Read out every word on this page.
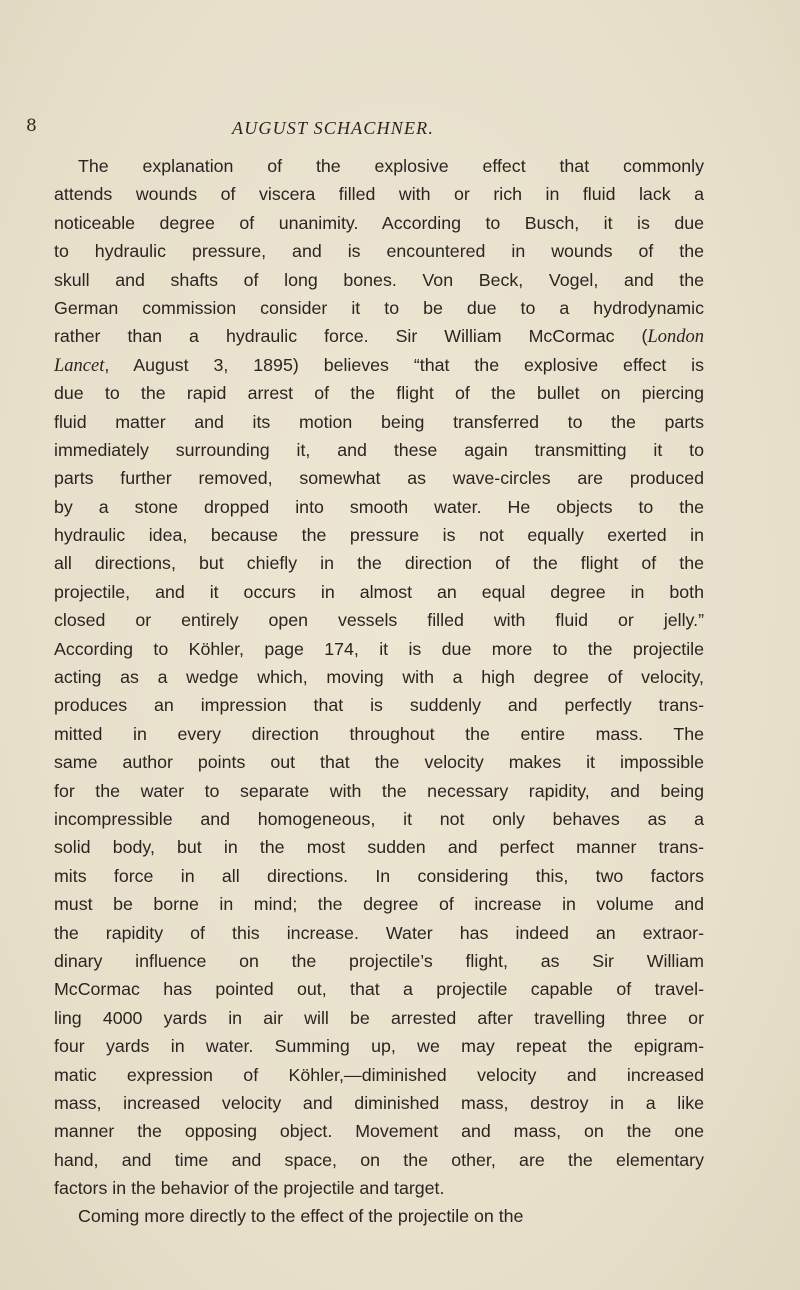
8	AUGUST SCHACHNER.
The explanation of the explosive effect that commonly
attends wounds of viscera filled with or rich in fluid lack a
noticeable degree of unanimity. According to Busch, it is due
to hydraulic pressure, and is encountered in wounds of the
skull and shafts of long bones. Von Beck, Vogel, and the
German commission consider it to be due to a hydrodynamic
rather than a hydraulic force. Sir William McCormac (London
Lancet, August 3, 1895) believes “that the explosive effect is
due to the rapid arrest of the flight of the bullet on piercing
fluid matter and its motion being transferred to the parts
immediately surrounding it, and these again transmitting it to
parts further removed, somewhat as wave-circles are produced
by a stone dropped into smooth water. He objects to the
hydraulic idea, because the pressure is not equally exerted in
all directions, but chiefly in the direction of the flight of the
projectile, and it occurs in almost an equal degree in both
closed or entirely open vessels filled with fluid or jelly.”
According to Köhler, page 174, it is due more to the projectile
acting as a wedge which, moving with a high degree of velocity,
produces an impression that is suddenly and perfectly trans-
mitted in every direction throughout the entire mass. The
same author points out that the velocity makes it impossible
for the water to separate with the necessary rapidity, and being
incompressible and homogeneous, it not only behaves as a
solid body, but in the most sudden and perfect manner trans-
mits force in all directions. In considering this, two factors
must be borne in mind; the degree of increase in volume and
the rapidity of this increase. Water has indeed an extraor-
dinary influence on the projectile’s flight, as Sir William
McCormac has pointed out, that a projectile capable of travel-
ling 4000 yards in air will be arrested after travelling three or
four yards in water. Summing up, we may repeat the epigram-
matic expression of Köhler,—diminished velocity and increased
mass, increased velocity and diminished mass, destroy in a like
manner the opposing object. Movement and mass, on the one
hand, and time and space, on the other, are the elementary
factors in the behavior of the projectile and target.
Coming more directly to the effect of the projectile on the
